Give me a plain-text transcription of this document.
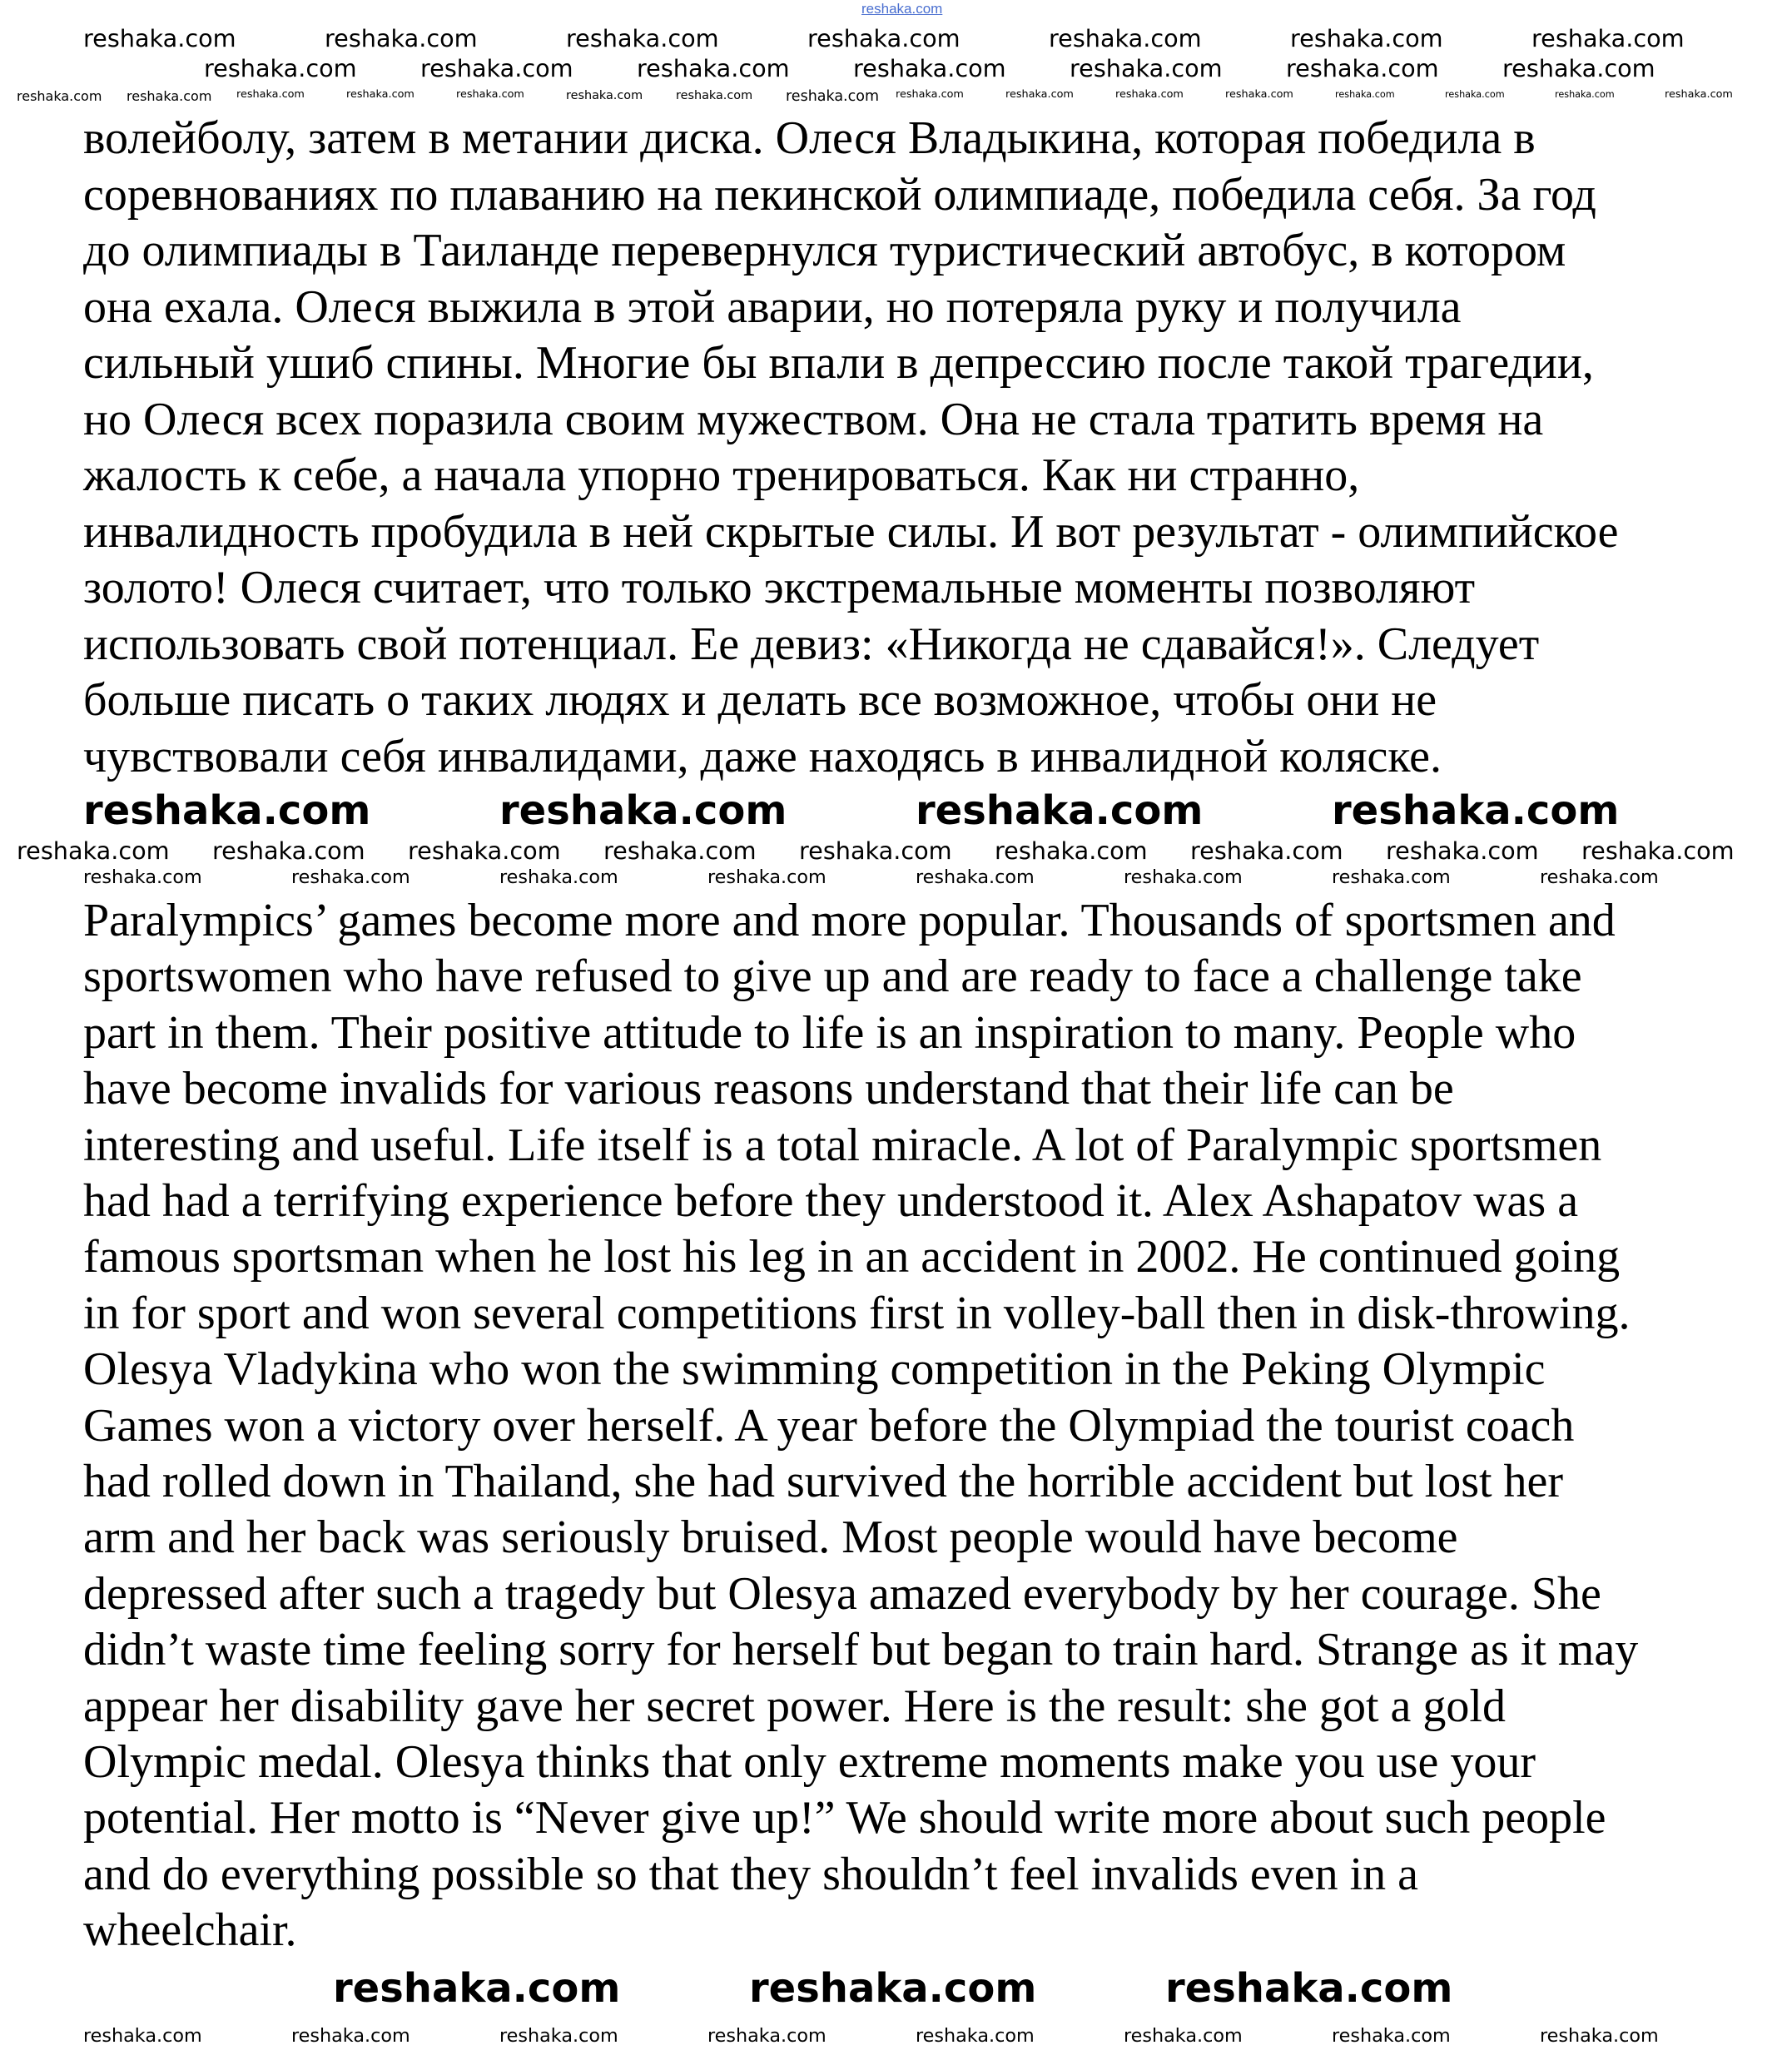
reshaka.com
волейболу, затем в метании диска. Олеся Владыкина, которая победила в
соревнованиях по плаванию на пекинской олимпиаде, победила себя. За год
до олимпиады в Таиланде перевернулся туристический автобус, в котором
она ехала. Олеся выжила в этой аварии, но потеряла руку и получила
сильный ушиб спины. Многие бы впали в депрессию после такой трагедии,
но Олеся всех поразила своим мужеством. Она не стала тратить время на
жалость к себе, а начала упорно тренироваться. Как ни странно,
инвалидность пробудила в ней скрытые силы. И вот результат - олимпийское
золото! Олеся считает, что только экстремальные моменты позволяют
использовать свой потенциал. Ее девиз: «Никогда не сдавайся!». Следует
больше писать о таких людях и делать все возможное, чтобы они не
чувствовали себя инвалидами, даже находясь в инвалидной коляске.
Paralympics’ games become more and more popular. Thousands of sportsmen and
sportswomen who have refused to give up and are ready to face a challenge take
part in them. Their positive attitude to life is an inspiration to many. People who
have become invalids for various reasons understand that their life can be
interesting and useful. Life itself is a total miracle. A lot of Paralympic sportsmen
had had a terrifying experience before they understood it. Alex Ashapatov was a
famous sportsman when he lost his leg in an accident in 2002. He continued going
in for sport and won several competitions first in volley-ball then in disk-throwing.
Olesya Vladykina who won the swimming competition in the Peking Olympic
Games won a victory over herself. A year before the Olympiad the tourist coach
had rolled down in Thailand, she had survived the horrible accident but lost her
arm and her back was seriously bruised. Most people would have become
depressed after such a tragedy but Olesya amazed everybody by her courage. She
didn’t waste time feeling sorry for herself but began to train hard. Strange as it may
appear her disability gave her secret power. Here is the result: she got a gold
Olympic medal. Olesya thinks that only extreme moments make you use your
potential. Her motto is “Never give up!” We should write more about such people
and do everything possible so that they shouldn’t feel invalids even in a
wheelchair.
reshaka.com	reshaka.com	reshaka.com	reshaka.com	reshaka.com	reshaka.com	reshaka.com
reshaka.com	reshaka.com	reshaka.com	reshaka.com	reshaka.com	reshaka.com	reshaka.com
reshaka.com reshaka.com reshaka.com	reshaka.com	reshaka.com	reshaka.com	reshaka.com reshaka.com reshaka.com	reshaka.com	reshaka.com	reshaka.com	reshaka.com	reshaka.com	reshaka.com	reshaka.com
reshaka.com	reshaka.com	reshaka.com	reshaka.com
reshaka.com reshaka.com reshaka.com reshaka.com reshaka.com reshaka.com reshaka.com reshaka.com reshaka.com
reshaka.com	reshaka.com	reshaka.com	reshaka.com	reshaka.com	reshaka.com	reshaka.com	reshaka.com
reshaka.com	reshaka.com	reshaka.com
reshaka.com	reshaka.com	reshaka.com	reshaka.com	reshaka.com	reshaka.com	reshaka.com	reshaka.com
